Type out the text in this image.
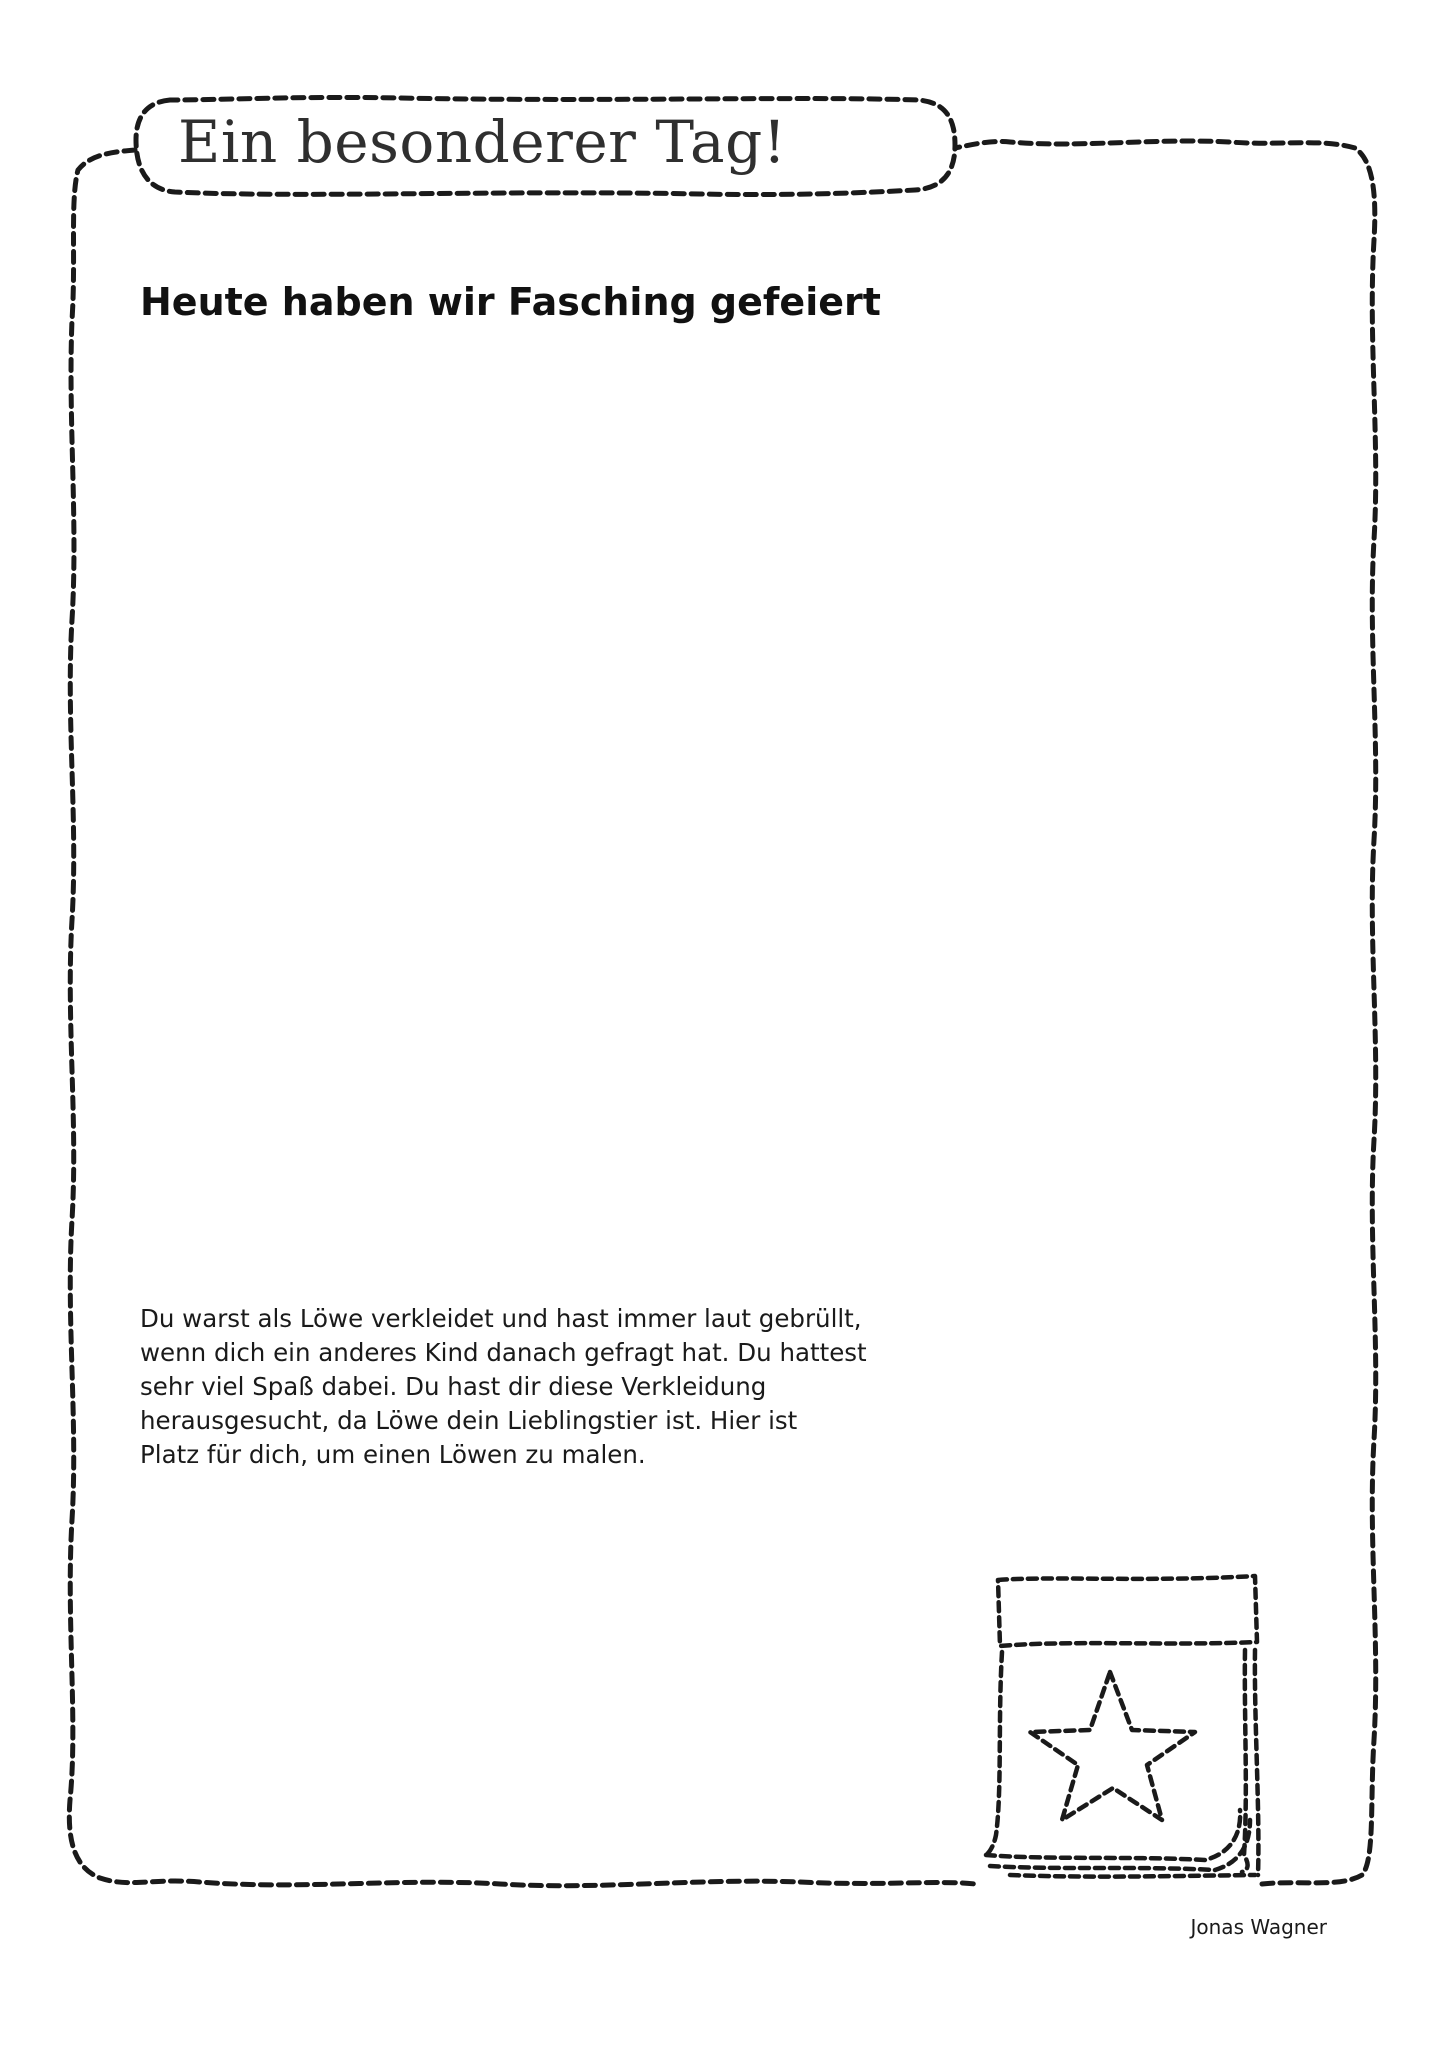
Ein besonderer Tag!
Heute haben wir Fasching gefeiert
Du warst als Löwe verkleidet und hast immer laut gebrüllt,
wenn dich ein anderes Kind danach gefragt hat. Du hattest
sehr viel Spaß dabei. Du hast dir diese Verkleidung
herausgesucht, da Löwe dein Lieblingstier ist. Hier ist
Platz für dich, um einen Löwen zu malen.
Jonas Wagner
